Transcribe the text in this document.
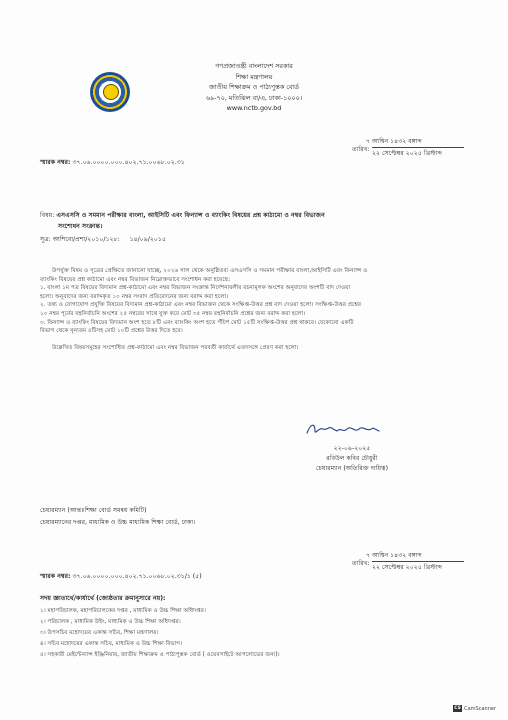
গণপ্রজাতন্ত্রী বাংলাদেশ সরকার
শিক্ষা মন্ত্রণালয়
জাতীয় শিক্ষাক্রম ও পাঠ্যপুস্তক বোর্ড
৬৯-৭০, মতিঝিল বা/এ, ঢাকা-১০০০।
www.nctb.gov.bd
৭ আশ্বিন ১৪৩২ বঙ্গাব্দ
তারিখ:
২২ সেপ্টেম্বর ২০২৫ খ্রিস্টাব্দ
স্মারক নম্বর: ৩৭.০৬.০০০০.০০০.৪০২.৭১.০০৬৮.০২.৩১
বিষয়: এসএসসি ও সমমান পরীক্ষার বাংলা, আইসিটি এবং ফিন্যান্স ও ব্যাংকিং বিষয়ের প্রশ্ন কাঠামো ও নম্বর বিভাজন
সংশোধন সংক্রান্ত।
সূত্র: আশিবো/প্রশা/২০১০/১২৮: ১৪/০৯/২০১৫
উপর্যুক্ত বিষয় ও সূত্রের প্রেক্ষিতে জানানো যাচ্ছে, ২০২৬ সাল থেকে অনুষ্ঠিতব্য এসএসসি ও সমমান পরীক্ষার বাংলা,আইসিটি এবং ফিন্যান্স ও
ব্যাংকিং বিষয়ের প্রশ্ন কাঠামো এবং নম্বর বিভাজন নিম্নোক্তভাবে সংশোধন করা হয়েছে:
১. বাংলা ১ম পত্র বিষয়ের বিদ্যমান প্রশ্ন-কাঠামো এবং নম্বর বিভাজন সংক্রান্ত নির্দেশনাবলীর রচনামূলক অংশের অনুবাদের অংশটি বাদ দেওয়া
হলো। অনুবাদের জন্য বরাদ্দকৃত ১০ নম্বর সংবাদ প্রতিবেদনের জন্য বরাদ্দ করা হলো।
২. তথ্য ও যোগাযোগ প্রযুক্তি বিষয়ের বিদ্যমান প্রশ্ন-কাঠামো এবং নম্বর বিভাজন থেকে সংক্ষিপ্ত-উত্তর প্রশ্ন বাদ দেওয়া হলো। সংক্ষিপ্ত-উত্তর প্রশ্নের
১০ নম্বর পূর্বের বহুনির্বাচনি অংশের ২৫ নম্বরের সাথে যুক্ত করে মোট ৩৫ নম্বর বহুনির্বাচনি প্রশ্নের জন্য বরাদ্দ করা হলো।
৩. ফিন্যান্স ও ব্যাংকিং বিষয়ের বিদ্যমান অংশ হতে ৮টি এবং ব্যাংকিং অংশ হতে পঁচিশ মোট ১৫টি সংক্ষিপ্ত-উত্তর প্রশ্ন থাকবে। যেকোনো একটি
বিভাগ থেকে নূন্যতম ৫টিসহ মোট ১০টি প্রশ্নের উত্তর দিতে হবে।
উল্লেখিত বিষয়সমূহের সংশোধিত প্রশ্ন-কাঠামো এবং নম্বর বিভাজন পরবর্তী কার্যার্থে এতদসঙ্গে প্রেরণ করা হলো।
২২-০৯-২০২৫
রবিউল কবির চৌধুরী
চেয়ারম্যান (অতিরিক্ত দায়িত্ব)
চেয়ারম্যান (আন্তঃশিক্ষা বোর্ড সমন্বয় কমিটি)
চেয়ারম্যানের দপ্তর, মাধ্যমিক ও উচ্চ মাধ্যমিক শিক্ষা বোর্ড, ঢাকা।
৭ আশ্বিন ১৪৩২ বঙ্গাব্দ
তারিখ:
২২ সেপ্টেম্বর ২০২৫ খ্রিস্টাব্দ
স্মারক নম্বর: ৩৭.০৬.০০০০.০০০.৪০২.৭১.০০৬৮.০২.৩১/১ (৫)
সদয় জ্ঞাতার্থে/কার্যার্থে (জ্যেষ্ঠতার ক্রমানুসারে নয়):
১। মহাপরিচালক, মহাপরিচালকের দপ্তর , মাধ্যমিক ও উচ্চ শিক্ষা অধিদপ্তর।
২। পরিচালক , মাধ্যমিক উইং, মাধ্যমিক ও উচ্চ শিক্ষা অধিদপ্তর।
৩। উপসচিব মহোদয়ের একান্ত সচিব, শিক্ষা মন্ত্রণালয়।
৪। সচিব মহোদয়ের একান্ত সচিব, মাধ্যমিক ও উচ্চ শিক্ষা বিভাগ।
৫। সহকারী মেইন্টেন্যান্স ইঞ্জিনিয়ার, জাতীয় শিক্ষাক্রম ও পাঠ্যপুস্তক বোর্ড ( ওয়েবসাইটে আপলোডের জন্য)।
CS CamScanner
